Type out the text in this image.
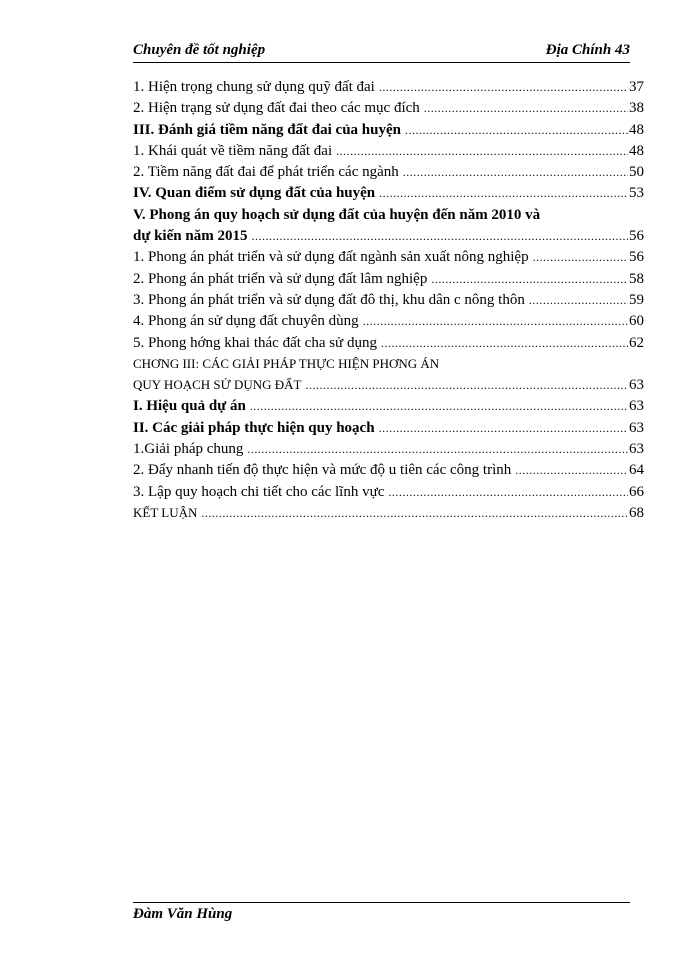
Chuyên đề tốt nghiệp	Địa Chính 43
1. Hiện trọng chung sử dụng quỹ đất đai .....	37
2. Hiện trạng sử dụng đất đai theo các mục đích .....	38
III. Đánh giá tiềm năng đất đai của huyện .....	48
1. Khái quát về tiềm năng đất đai .....	48
2. Tiềm năng đất đai để phát triển các ngành .....	50
IV. Quan điểm sử dụng đất của huyện .....	53
V. Phong án quy hoạch sử dụng đất của huyện đến năm 2010 và
dự kiến năm 2015 .....	56
1. Phong án phát triển và sử dụng đất ngành sản xuất nông nghiệp .....	56
2. Phong án phát triển và sử dụng đất lâm nghiệp .....	58
3. Phong án phát triển và sử dụng đất đô thị, khu dân c nông thôn .....	59
4. Phong án sử dụng đất chuyên dùng .....	60
5. Phong hớng khai thác đất cha sử dụng .....	62
CHƠNG III: CÁC GIẢI PHÁP THỰC HIỆN PHƠNG ÁN
QUY HOẠCH SỬ DỤNG ĐẤT .....	63
I. Hiệu quả dự án .....	63
II. Các giải pháp thực hiện quy hoạch .....	63
1.Giải pháp chung .....	63
2. Đẩy nhanh tiến độ thực hiện và mức độ u tiên các công trình .....	64
3. Lập quy hoạch chi tiết cho các lĩnh vực .....	66
KẾT LUẬN .....	68
Đàm Văn Hùng
